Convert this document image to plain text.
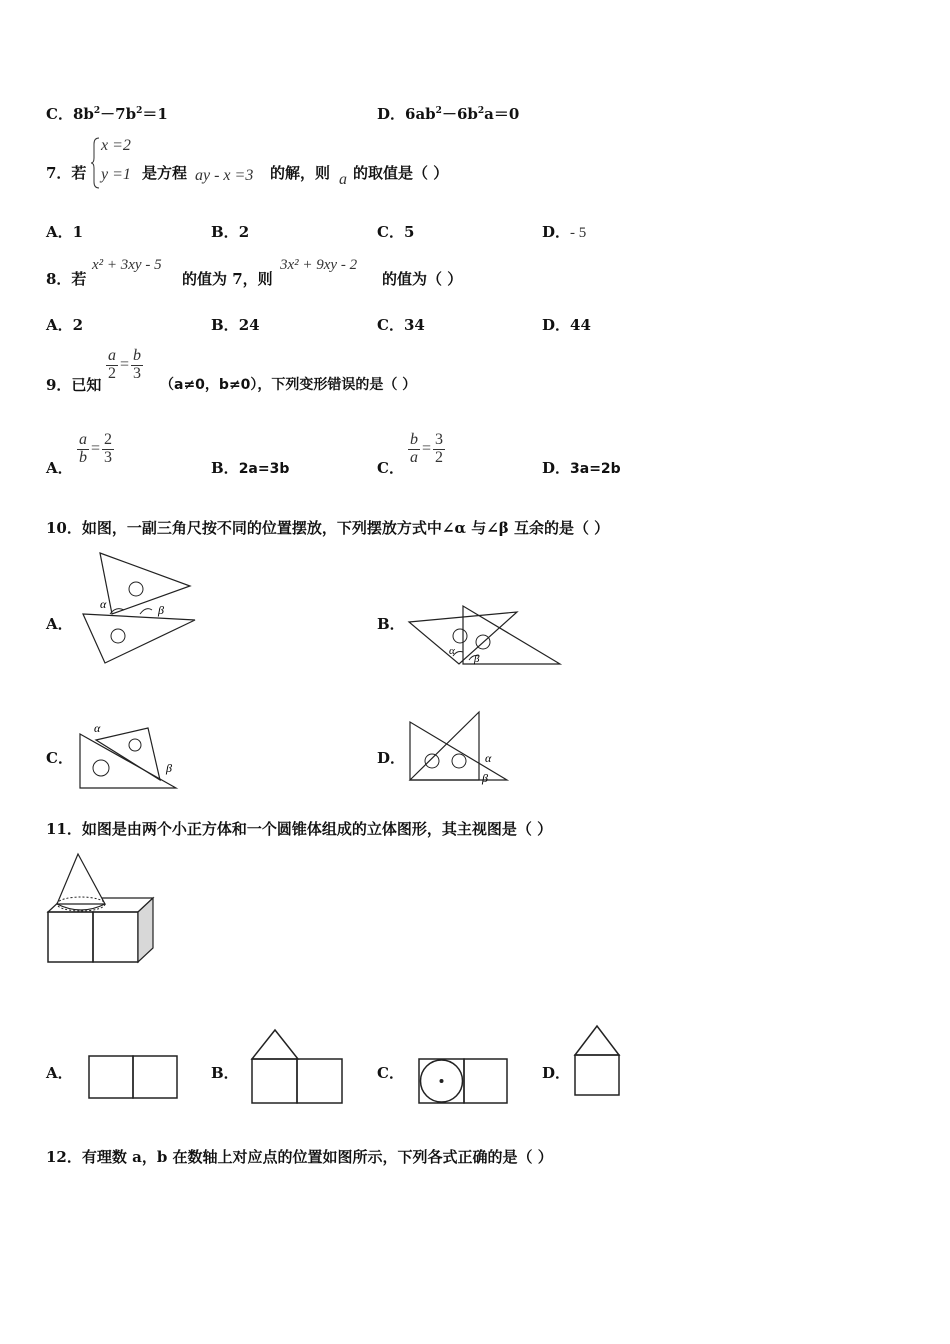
C．$8b^2-7b^2=1$	D．$6ab^2-6b^2a=0$
7．若
x =2
y =1 是方程 ay - x =3 的解，则 a 的取值是（ ）
A．1	B．2	C．5	D．- 5
8．若
x² + 3xy - 5
的值为 7，则
3x² + 9xy - 2
的值为（ ）
A．2	B．24	C．34	D．44
9．已知
$\frac{a}{2} = \frac{b}{3}$
（a≠0，b≠0），下列变形错误的是（ ）
A．
$\frac{a}{b} = \frac{2}{3}$
B．2a=3b	C．
$\frac{b}{a} = \frac{3}{2}$
D．3a=2b
10．如图，一副三角尺按不同的位置摆放，下列摆放方式中∠α 与∠β 互余的是（ ）
A．
α	β
B．
α
β
C．
α
β
D．	α
β
11．如图是由两个小正方体和一个圆锥体组成的立体图形，其主视图是（ ）
A．	B．	C．	D．
12．有理数 a，b 在数轴上对应点的位置如图所示，下列各式正确的是（ ）
